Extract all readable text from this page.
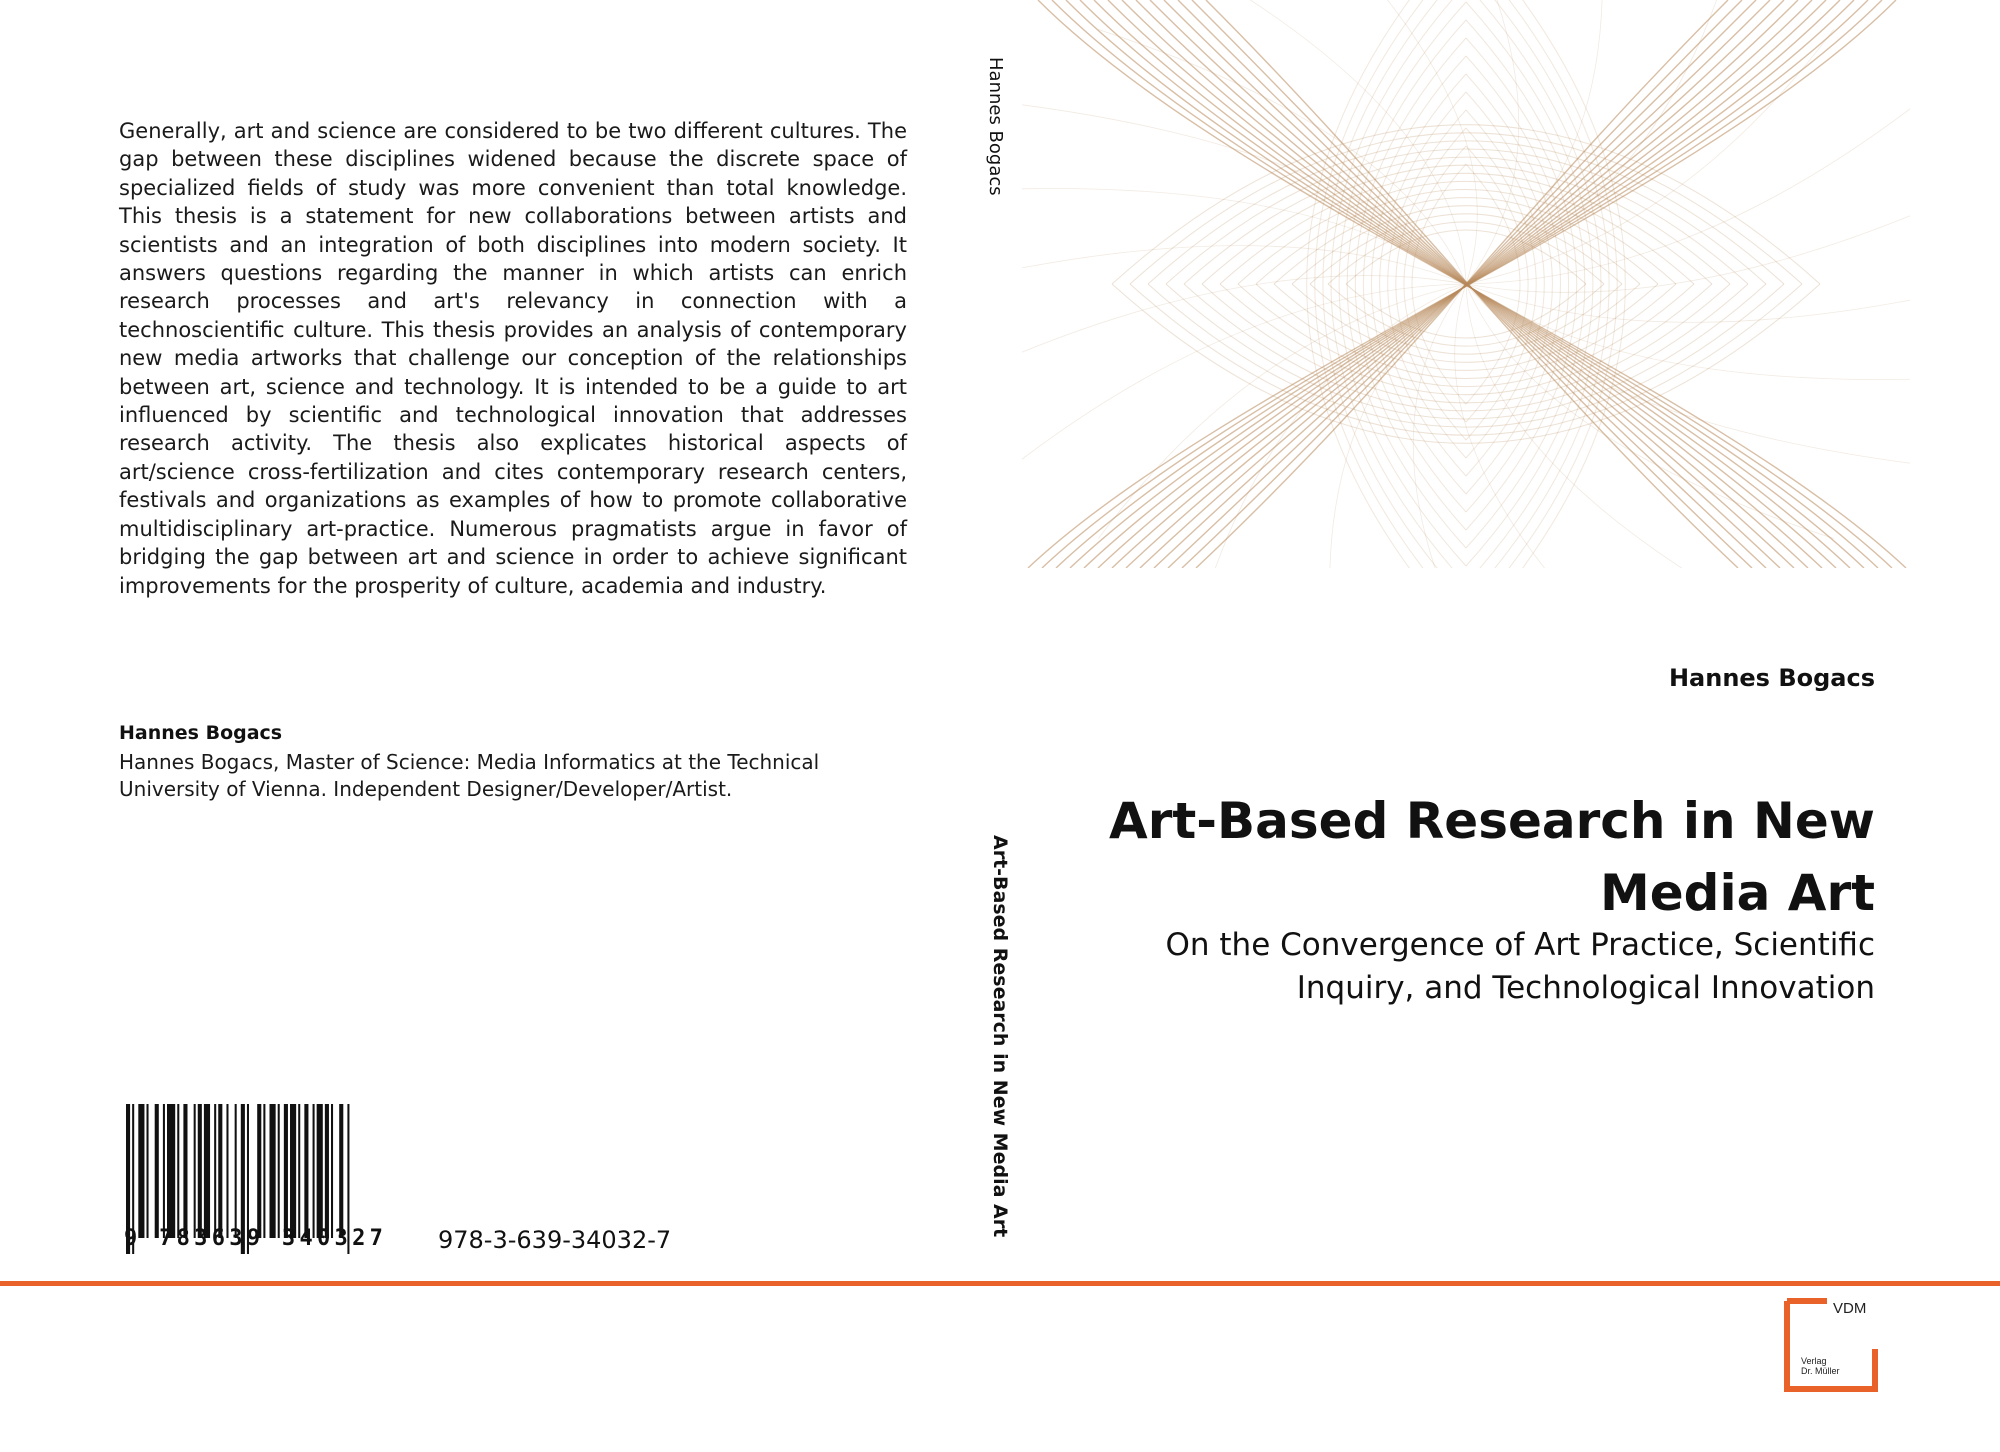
Generally, art and science are considered to be two different cultures. The gap between these disciplines widened because the discrete space of specialized fields of study was more convenient than total knowledge. This thesis is a statement for new collaborations between artists and scientists and an integration of both disciplines into modern society. It answers questions regarding the manner in which artists can enrich research processes and art's relevancy in connection with a technoscientific culture. This thesis provides an analysis of contemporary new media artworks that challenge our conception of the relationships between art, science and technology. It is intended to be a guide to art influenced by scientific and technological innovation that addresses research activity. The thesis also explicates historical aspects of art/science cross-fertilization and cites contemporary research centers, festivals and organizations as examples of how to promote collaborative multidisciplinary art-practice. Numerous pragmatists argue in favor of bridging the gap between art and science in order to achieve significant improvements for the prosperity of culture, academia and industry.
Hannes Bogacs
Hannes Bogacs, Master of Science: Media Informatics at the Technical University of Vienna. Independent Designer/Developer/Artist.
9 783639 340327 978-3-639-34032-7
Hannes Bogacs
Art-Based Research in New Media Art
Hannes Bogacs
Art-Based Research in New
Media Art
On the Convergence of Art Practice, Scientific
Inquiry, and Technological Innovation
VDM
Verlag
Dr. Müller
